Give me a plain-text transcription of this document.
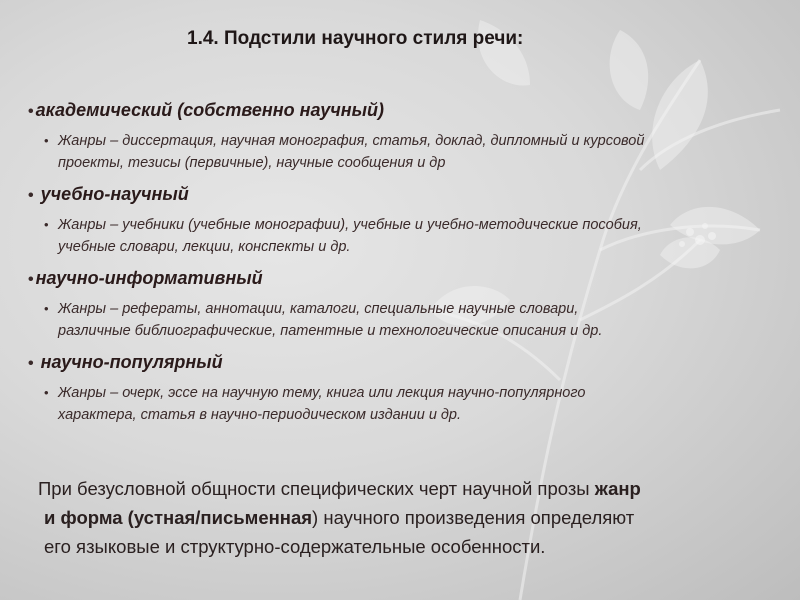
1.4. Подстили научного стиля речи:
• академический (собственно научный)
• Жанры – диссертация, научная монография, статья, доклад, дипломный и курсовой
проекты, тезисы (первичные), научные сообщения и др
• учебно-научный
• Жанры – учебники (учебные монографии), учебные и учебно-методические пособия,
учебные словари, лекции, конспекты и др.
• научно-информативный
• Жанры – рефераты, аннотации, каталоги, специальные научные словари,
различные библиографические, патентные и технологические описания и др.
• научно-популярный
• Жанры – очерк, эссе на научную тему, книга или лекция научно-популярного
характера, статья в научно-периодическом издании и др.
При безусловной общности специфических черт научной прозы жанр
и форма (устная/письменная) научного произведения определяют
его языковые и структурно-содержательные особенности.
